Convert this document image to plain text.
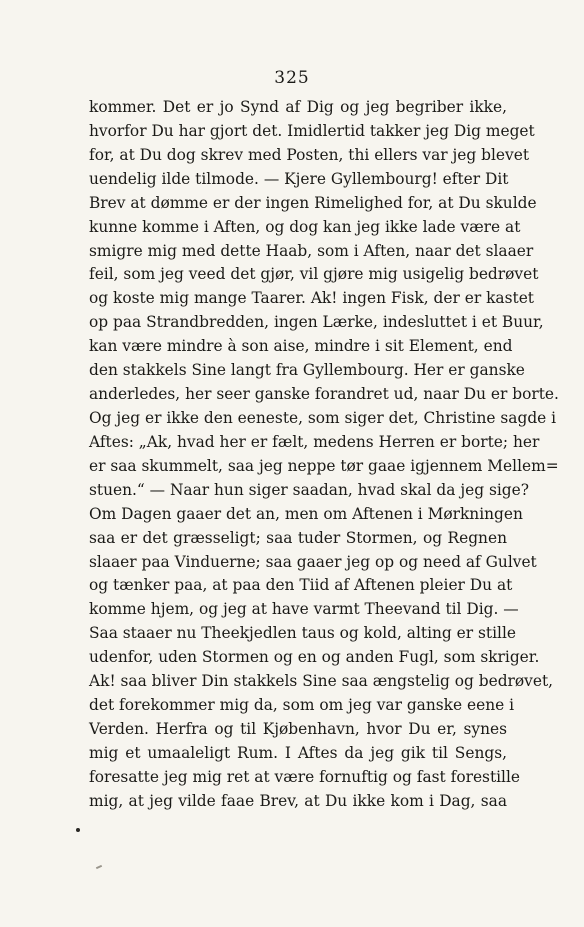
325
kommer. Det er jo Synd af Dig og jeg begriber ikke,
hvorfor Du har gjort det. Imidlertid takker jeg Dig meget
for, at Du dog skrev med Posten, thi ellers var jeg blevet
uendelig ilde tilmode. — Kjere Gyllembourg! efter Dit
Brev at dømme er der ingen Rimelighed for, at Du skulde
kunne komme i Aften, og dog kan jeg ikke lade være at
smigre mig med dette Haab, som i Aften, naar det slaaer
feil, som jeg veed det gjør, vil gjøre mig usigelig bedrøvet
og koste mig mange Taarer. Ak! ingen Fisk, der er kastet
op paa Strandbredden, ingen Lærke, indesluttet i et Buur,
kan være mindre à son aise, mindre i sit Element, end
den stakkels Sine langt fra Gyllembourg. Her er ganske
anderledes, her seer ganske forandret ud, naar Du er borte.
Og jeg er ikke den eeneste, som siger det, Christine sagde i
Aftes: „Ak, hvad her er fælt, medens Herren er borte; her
er saa skummelt, saa jeg neppe tør gaae igjennem Mellem=
stuen.“ — Naar hun siger saadan, hvad skal da jeg sige?
Om Dagen gaaer det an, men om Aftenen i Mørkningen
saa er det græsseligt; saa tuder Stormen, og Regnen
slaaer paa Vinduerne; saa gaaer jeg op og need af Gulvet
og tænker paa, at paa den Tiid af Aftenen pleier Du at
komme hjem, og jeg at have varmt Theevand til Dig. —
Saa staaer nu Theekjedlen taus og kold, alting er stille
udenfor, uden Stormen og en og anden Fugl, som skriger.
Ak! saa bliver Din stakkels Sine saa ængstelig og bedrøvet,
det forekommer mig da, som om jeg var ganske eene i
Verden. Herfra og til Kjøbenhavn, hvor Du er, synes
mig et umaaleligt Rum. I Aftes da jeg gik til Sengs,
foresatte jeg mig ret at være fornuftig og fast forestille
mig, at jeg vilde faae Brev, at Du ikke kom i Dag, saa
